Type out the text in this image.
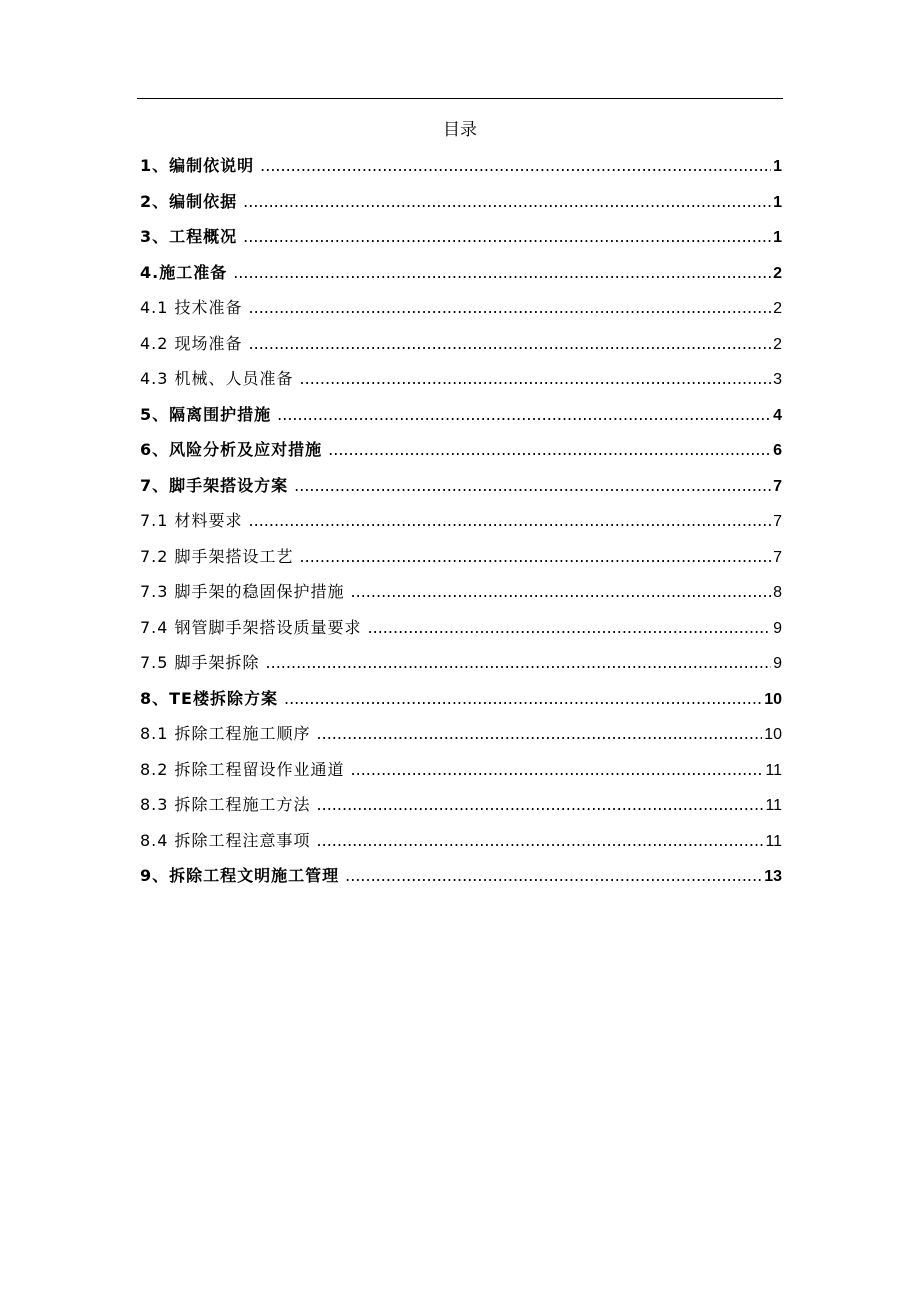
目录
1、编制依说明 .....	1
2、编制依据 .....	1
3、工程概况 .....	1
4.施工准备 .....	2
4.1 技术准备 .....	2
4.2 现场准备 .....	2
4.3 机械、人员准备 .....	3
5、隔离围护措施 .....	4
6、风险分析及应对措施 .....	6
7、脚手架搭设方案 .....	7
7.1 材料要求 .....	7
7.2 脚手架搭设工艺 .....	7
7.3 脚手架的稳固保护措施 .....	8
7.4 钢管脚手架搭设质量要求 .....	9
7.5 脚手架拆除 .....	9
8、TE楼拆除方案 .....	10
8.1 拆除工程施工顺序 .....	10
8.2 拆除工程留设作业通道 .....	11
8.3 拆除工程施工方法 .....	11
8.4 拆除工程注意事项 .....	11
9、拆除工程文明施工管理 .....	13
